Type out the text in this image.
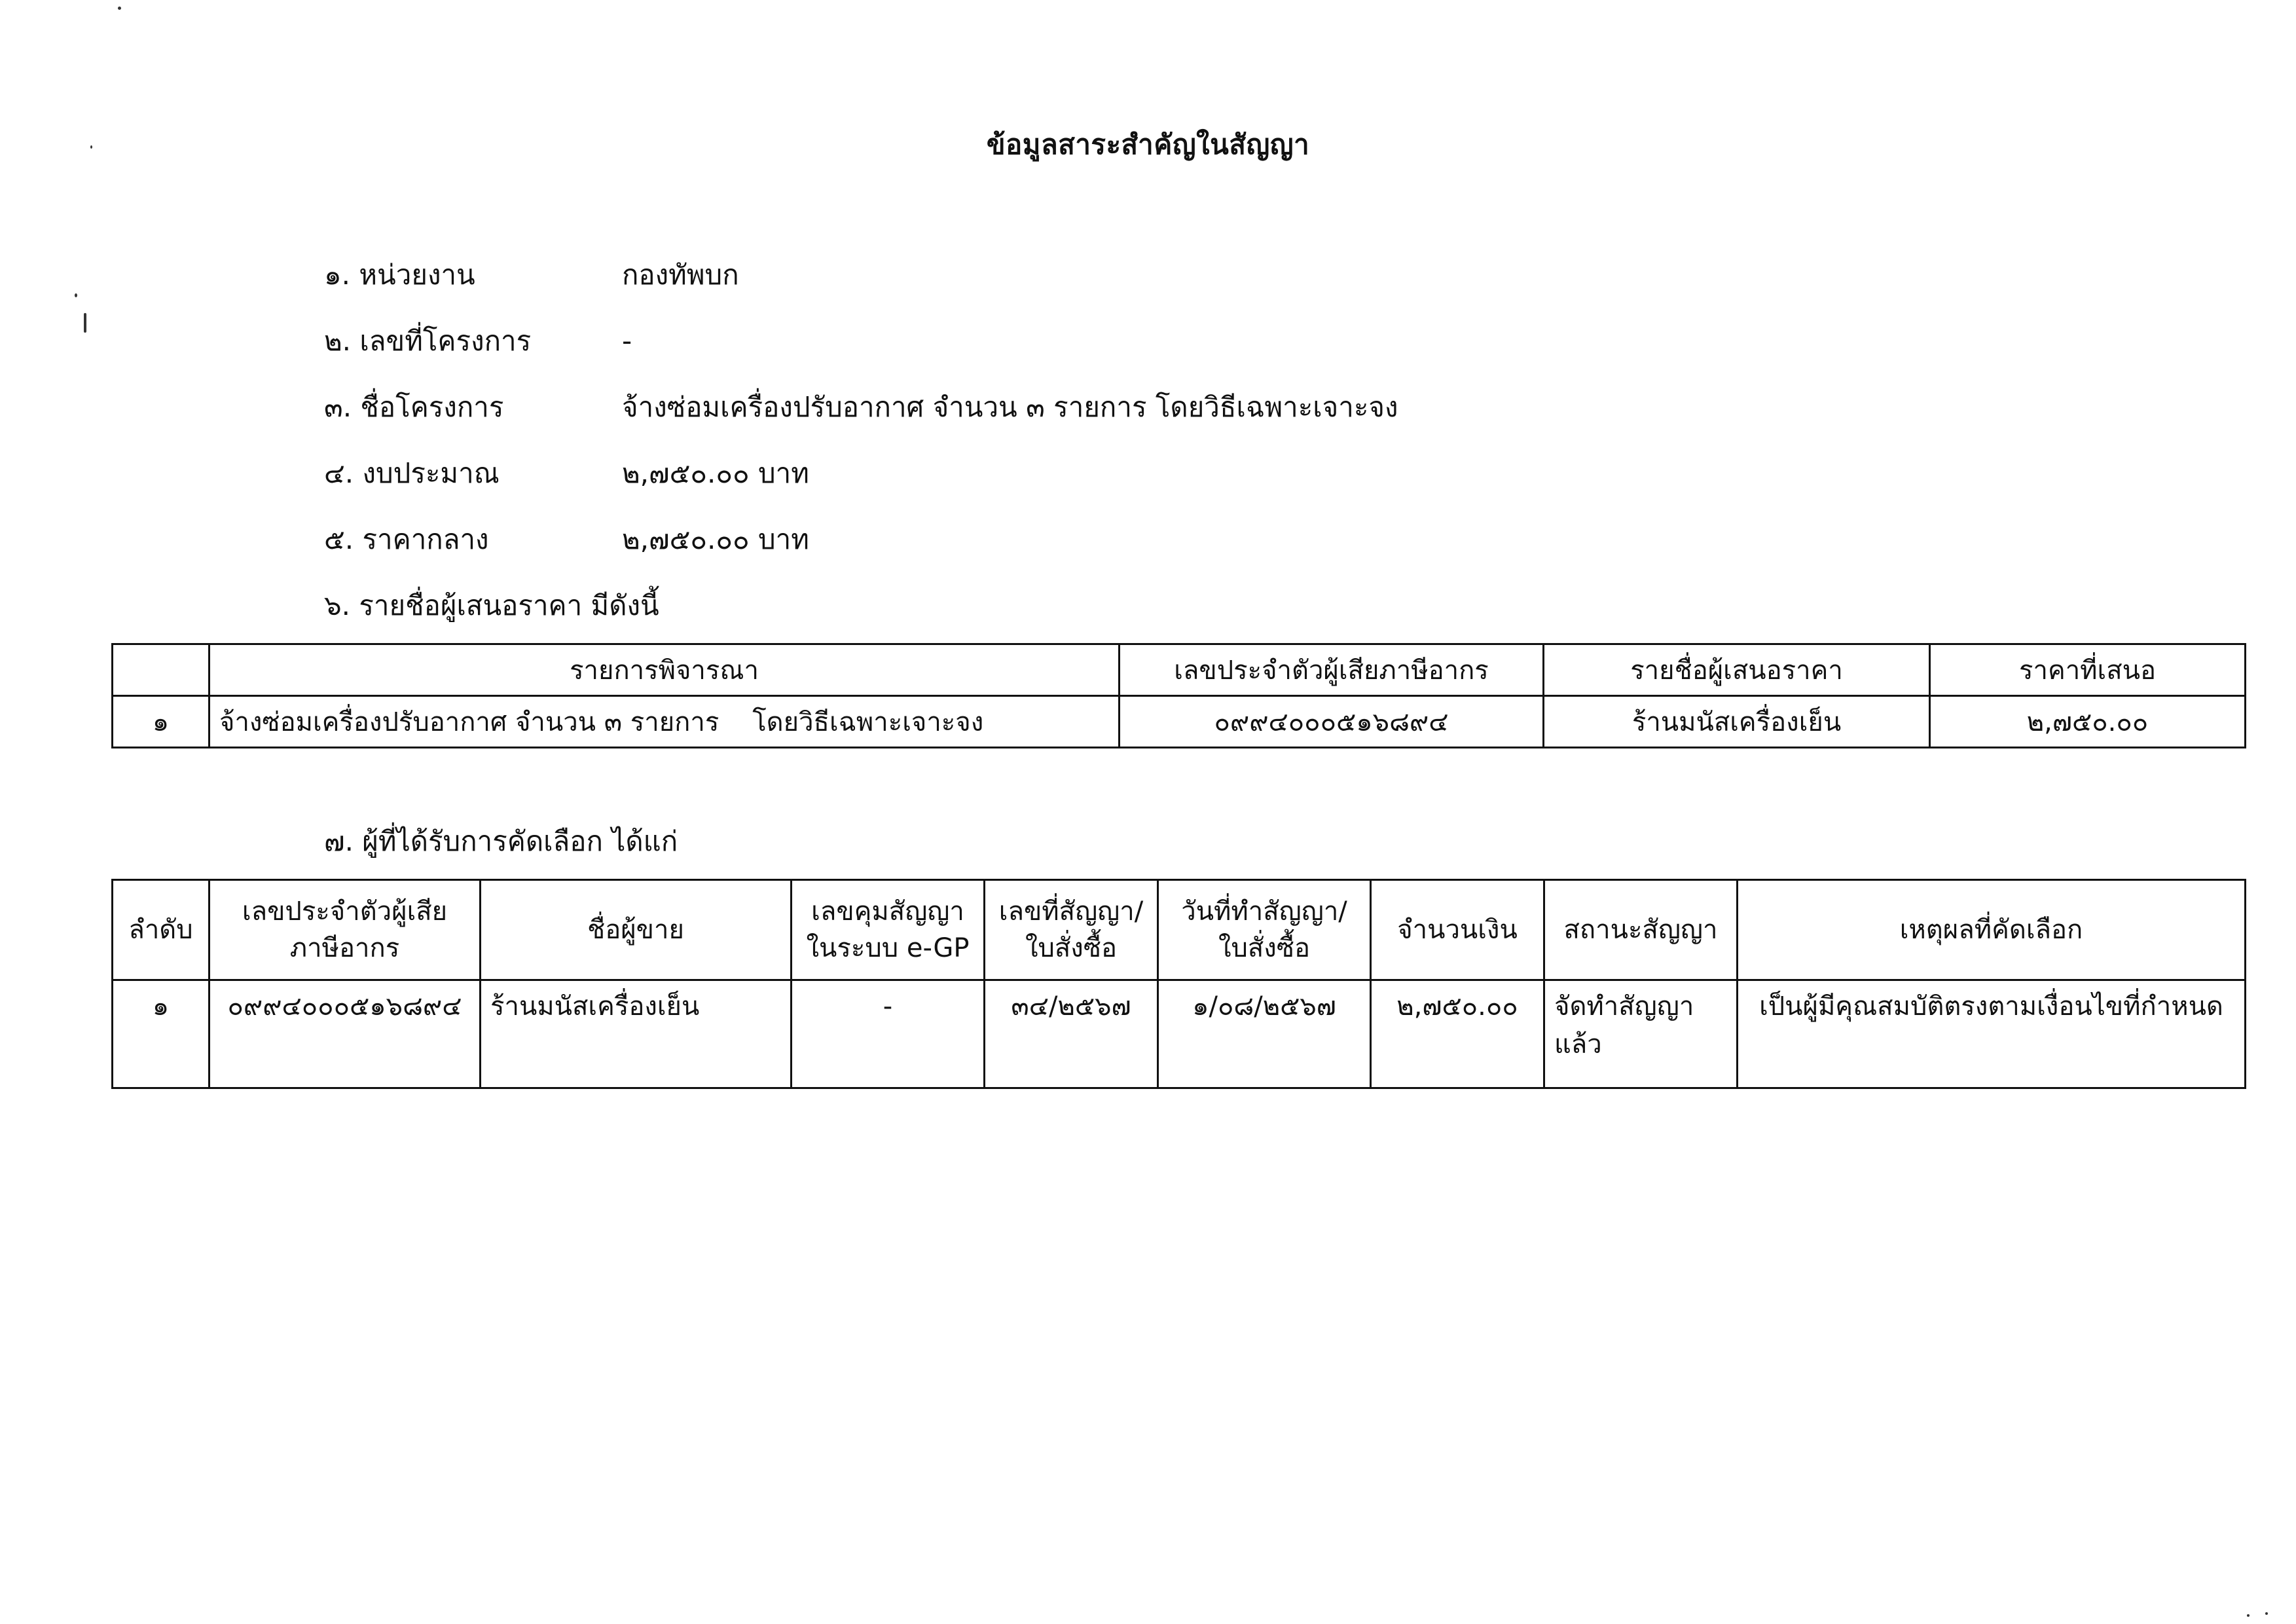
ข้อมูลสาระสำคัญในสัญญา
๑. หน่วยงาน	กองทัพบก
๒. เลขที่โครงการ	-
๓. ชื่อโครงการ	จ้างซ่อมเครื่องปรับอากาศ จำนวน ๓ รายการ โดยวิธีเฉพาะเจาะจง
๔. งบประมาณ	๒,๗๕๐.๐๐ บาท
๕. ราคากลาง	๒,๗๕๐.๐๐ บาท
๖. รายชื่อผู้เสนอราคา มีดังนี้
	รายการพิจารณา	เลขประจำตัวผู้เสียภาษีอากร	รายชื่อผู้เสนอราคา	ราคาที่เสนอ
๑	จ้างซ่อมเครื่องปรับอากาศ จำนวน ๓ รายการ    โดยวิธีเฉพาะเจาะจง	๐๙๙๔๐๐๐๕๑๖๘๙๔	ร้านมนัสเครื่องเย็น	๒,๗๕๐.๐๐
๗. ผู้ที่ได้รับการคัดเลือก ได้แก่
ลำดับ	เลขประจำตัวผู้เสีย ภาษีอากร	ชื่อผู้ขาย	เลขคุมสัญญา ในระบบ e-GP	เลขที่สัญญา/ ใบสั่งซื้อ	วันที่ทำสัญญา/ ใบสั่งซื้อ	จำนวนเงิน	สถานะสัญญา	เหตุผลที่คัดเลือก
๑	๐๙๙๔๐๐๐๕๑๖๘๙๔	ร้านมนัสเครื่องเย็น	-	๓๔/๒๕๖๗	๑/๐๘/๒๕๖๗	๒,๗๕๐.๐๐	จัดทำสัญญา แล้ว	เป็นผู้มีคุณสมบัติตรงตามเงื่อนไขที่กำหนด
